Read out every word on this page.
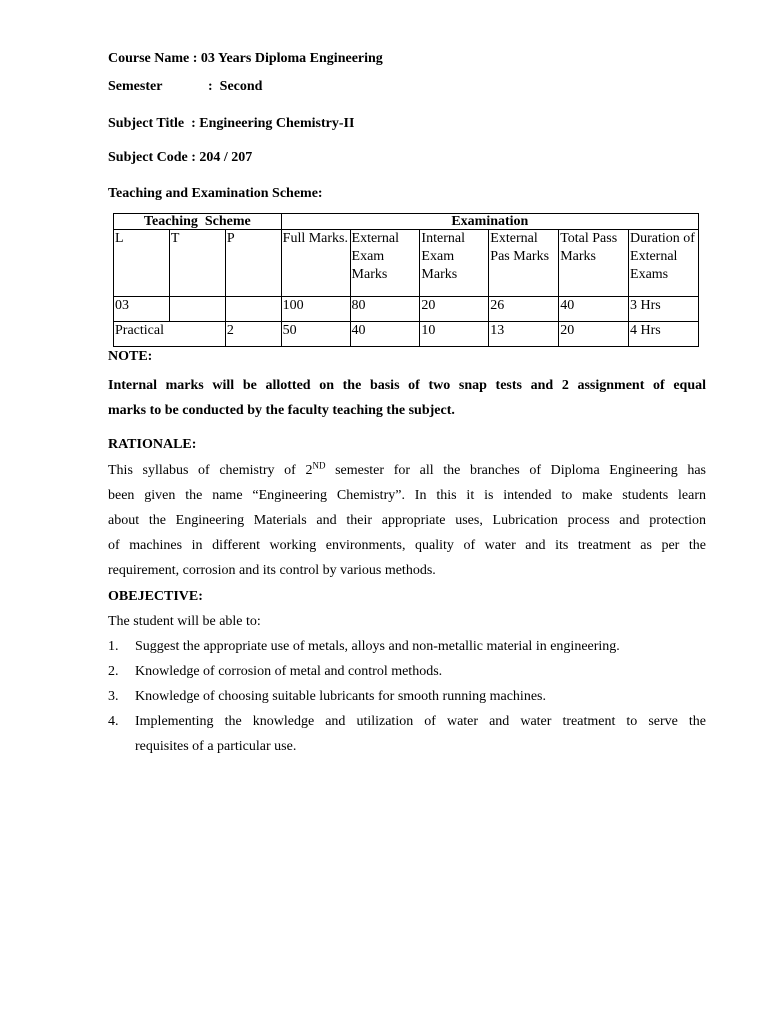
Course Name : 03 Years Diploma Engineering
Semester	: Second
Subject Title  : Engineering Chemistry-II
Subject Code : 204 / 207
Teaching and Examination Scheme:
Teaching  Scheme			Examination					
L	T	P	Full Marks.	External Exam Marks	Internal Exam Marks	External Pas Marks	Total Pass Marks	Duration of External Exams
03			100	80	20	26	40	3 Hrs
Practical		2	50	40	10	13	20	4 Hrs
NOTE:
Internal marks will be allotted on the basis of two snap tests and 2 assignment of equal
marks to be conducted by the faculty teaching the subject.
RATIONALE:
This syllabus of chemistry of 2ND semester for all the branches of Diploma Engineering has
been given the name “Engineering Chemistry”. In this it is intended to make students learn
about the Engineering Materials and their appropriate uses, Lubrication process and protection
of machines in different working environments, quality of water and its treatment as per the
requirement, corrosion and its control by various methods.
OBEJECTIVE:
The student will be able to:
1. Suggest the appropriate use of metals, alloys and non-metallic material in engineering.
2. Knowledge of corrosion of metal and control methods.
3. Knowledge of choosing suitable lubricants for smooth running machines.
4. Implementing the knowledge and utilization of water and water treatment to serve the
requisites of a particular use.
